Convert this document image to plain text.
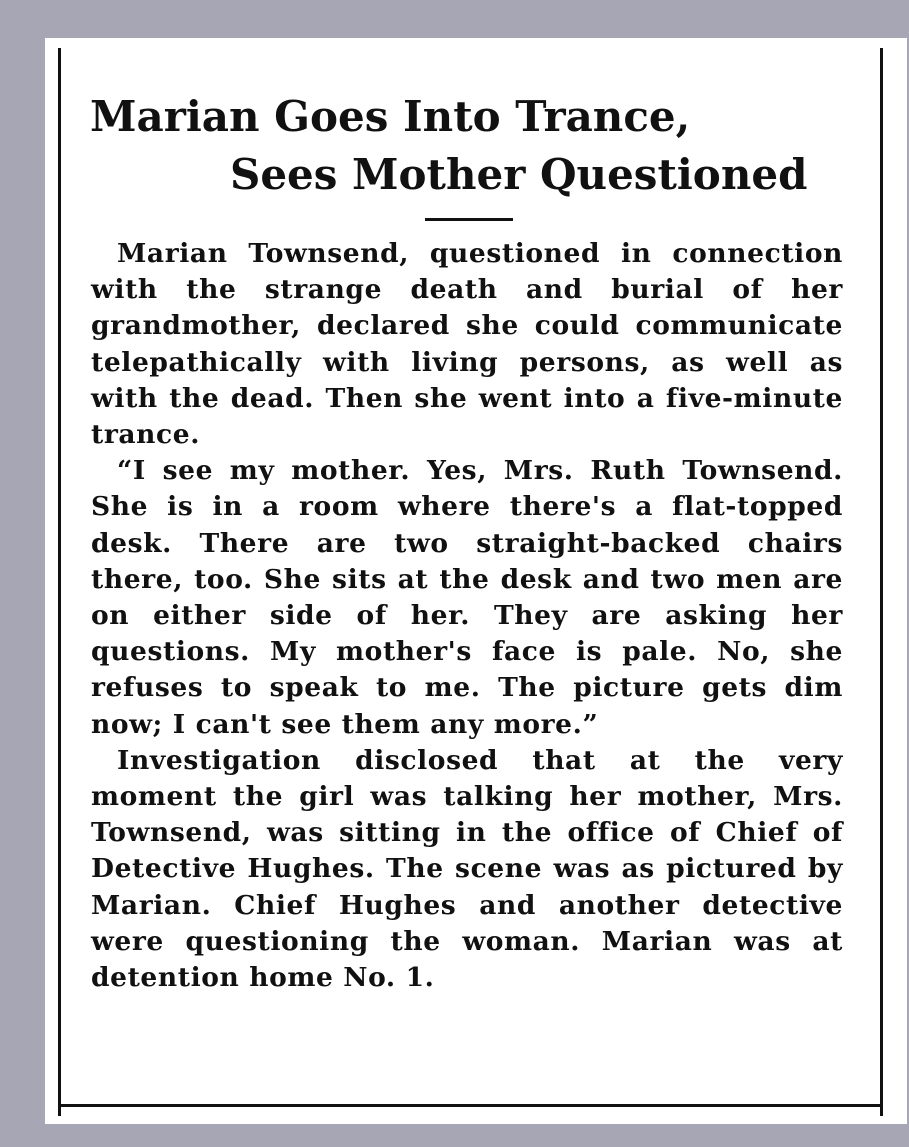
Marian Goes Into Trance,
Sees Mother Questioned

Marian Townsend, questioned in connection with the strange death and burial of her grandmother, declared she could communicate telepathically with living persons, as well as with the dead. Then she went into a five-minute trance.

“I see my mother. Yes, Mrs. Ruth Townsend. She is in a room where there's a flat-topped desk. There are two straight-backed chairs there, too. She sits at the desk and two men are on either side of her. They are asking her questions. My mother's face is pale. No, she refuses to speak to me. The picture gets dim now; I can't see them any more.”

Investigation disclosed that at the very moment the girl was talking her mother, Mrs. Townsend, was sitting in the office of Chief of Detective Hughes. The scene was as pictured by Marian. Chief Hughes and another detective were questioning the woman. Marian was at detention home No. 1.
